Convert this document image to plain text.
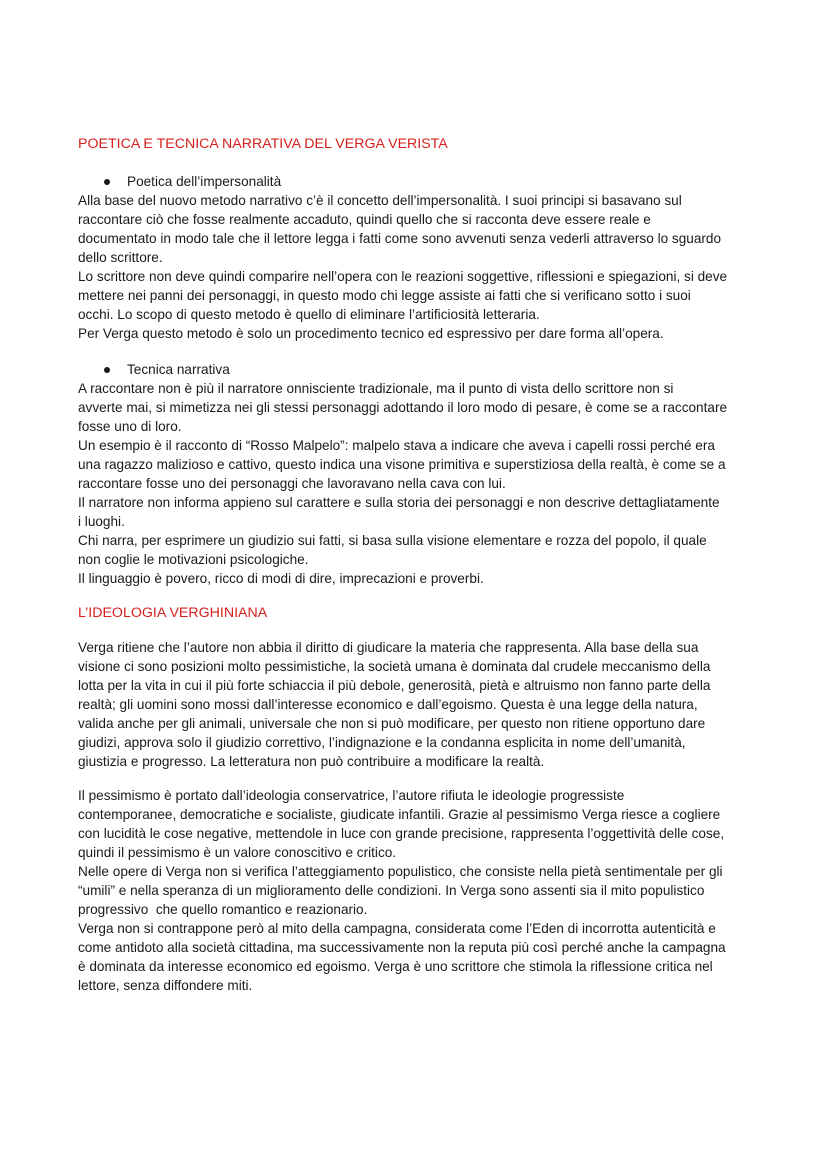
POETICA E TECNICA NARRATIVA DEL VERGA VERISTA
Poetica dell’impersonalità

Alla base del nuovo metodo narrativo c’è il concetto dell’impersonalità. I suoi principi si basavano sul
raccontare ciò che fosse realmente accaduto, quindi quello che si racconta deve essere reale e
documentato in modo tale che il lettore legga i fatti come sono avvenuti senza vederli attraverso lo sguardo
dello scrittore.

Lo scrittore non deve quindi comparire nell’opera con le reazioni soggettive, riflessioni e spiegazioni, si deve
mettere nei panni dei personaggi, in questo modo chi legge assiste ai fatti che si verificano sotto i suoi
occhi. Lo scopo di questo metodo è quello di eliminare l’artificiosità letteraria.

Per Verga questo metodo è solo un procedimento tecnico ed espressivo per dare forma all’opera.

Tecnica narrativa

A raccontare non è più il narratore onnisciente tradizionale, ma il punto di vista dello scrittore non si
avverte mai, si mimetizza nei gli stessi personaggi adottando il loro modo di pesare, è come se a raccontare
fosse uno di loro.

Un esempio è il racconto di “Rosso Malpelo”: malpelo stava a indicare che aveva i capelli rossi perché era
una ragazzo malizioso e cattivo, questo indica una visone primitiva e superstiziosa della realtà, è come se a
raccontare fosse uno dei personaggi che lavoravano nella cava con lui.

Il narratore non informa appieno sul carattere e sulla storia dei personaggi e non descrive dettagliatamente
i luoghi.

Chi narra, per esprimere un giudizio sui fatti, si basa sulla visione elementare e rozza del popolo, il quale
non coglie le motivazioni psicologiche.

Il linguaggio è povero, ricco di modi di dire, imprecazioni e proverbi.

L’IDEOLOGIA VERGHINIANA

Verga ritiene che l’autore non abbia il diritto di giudicare la materia che rappresenta. Alla base della sua
visione ci sono posizioni molto pessimistiche, la società umana è dominata dal crudele meccanismo della
lotta per la vita in cui il più forte schiaccia il più debole, generosità, pietà e altruismo non fanno parte della
realtà; gli uomini sono mossi dall’interesse economico e dall’egoismo. Questa è una legge della natura,
valida anche per gli animali, universale che non si può modificare, per questo non ritiene opportuno dare
giudizi, approva solo il giudizio correttivo, l’indignazione e la condanna esplicita in nome dell’umanità,
giustizia e progresso. La letteratura non può contribuire a modificare la realtà.

Il pessimismo è portato dall’ideologia conservatrice, l’autore rifiuta le ideologie progressiste
contemporanee, democratiche e socialiste, giudicate infantili. Grazie al pessimismo Verga riesce a cogliere
con lucidità le cose negative, mettendole in luce con grande precisione, rappresenta l’oggettività delle cose,
quindi il pessimismo è un valore conoscitivo e critico.

Nelle opere di Verga non si verifica l’atteggiamento populistico, che consiste nella pietà sentimentale per gli
“umili” e nella speranza di un miglioramento delle condizioni. In Verga sono assenti sia il mito populistico
progressivo  che quello romantico e reazionario.

Verga non si contrappone però al mito della campagna, considerata come l’Eden di incorrotta autenticità e
come antidoto alla società cittadina, ma successivamente non la reputa più così perché anche la campagna
è dominata da interesse economico ed egoismo. Verga è uno scrittore che stimola la riflessione critica nel
lettore, senza diffondere miti.
